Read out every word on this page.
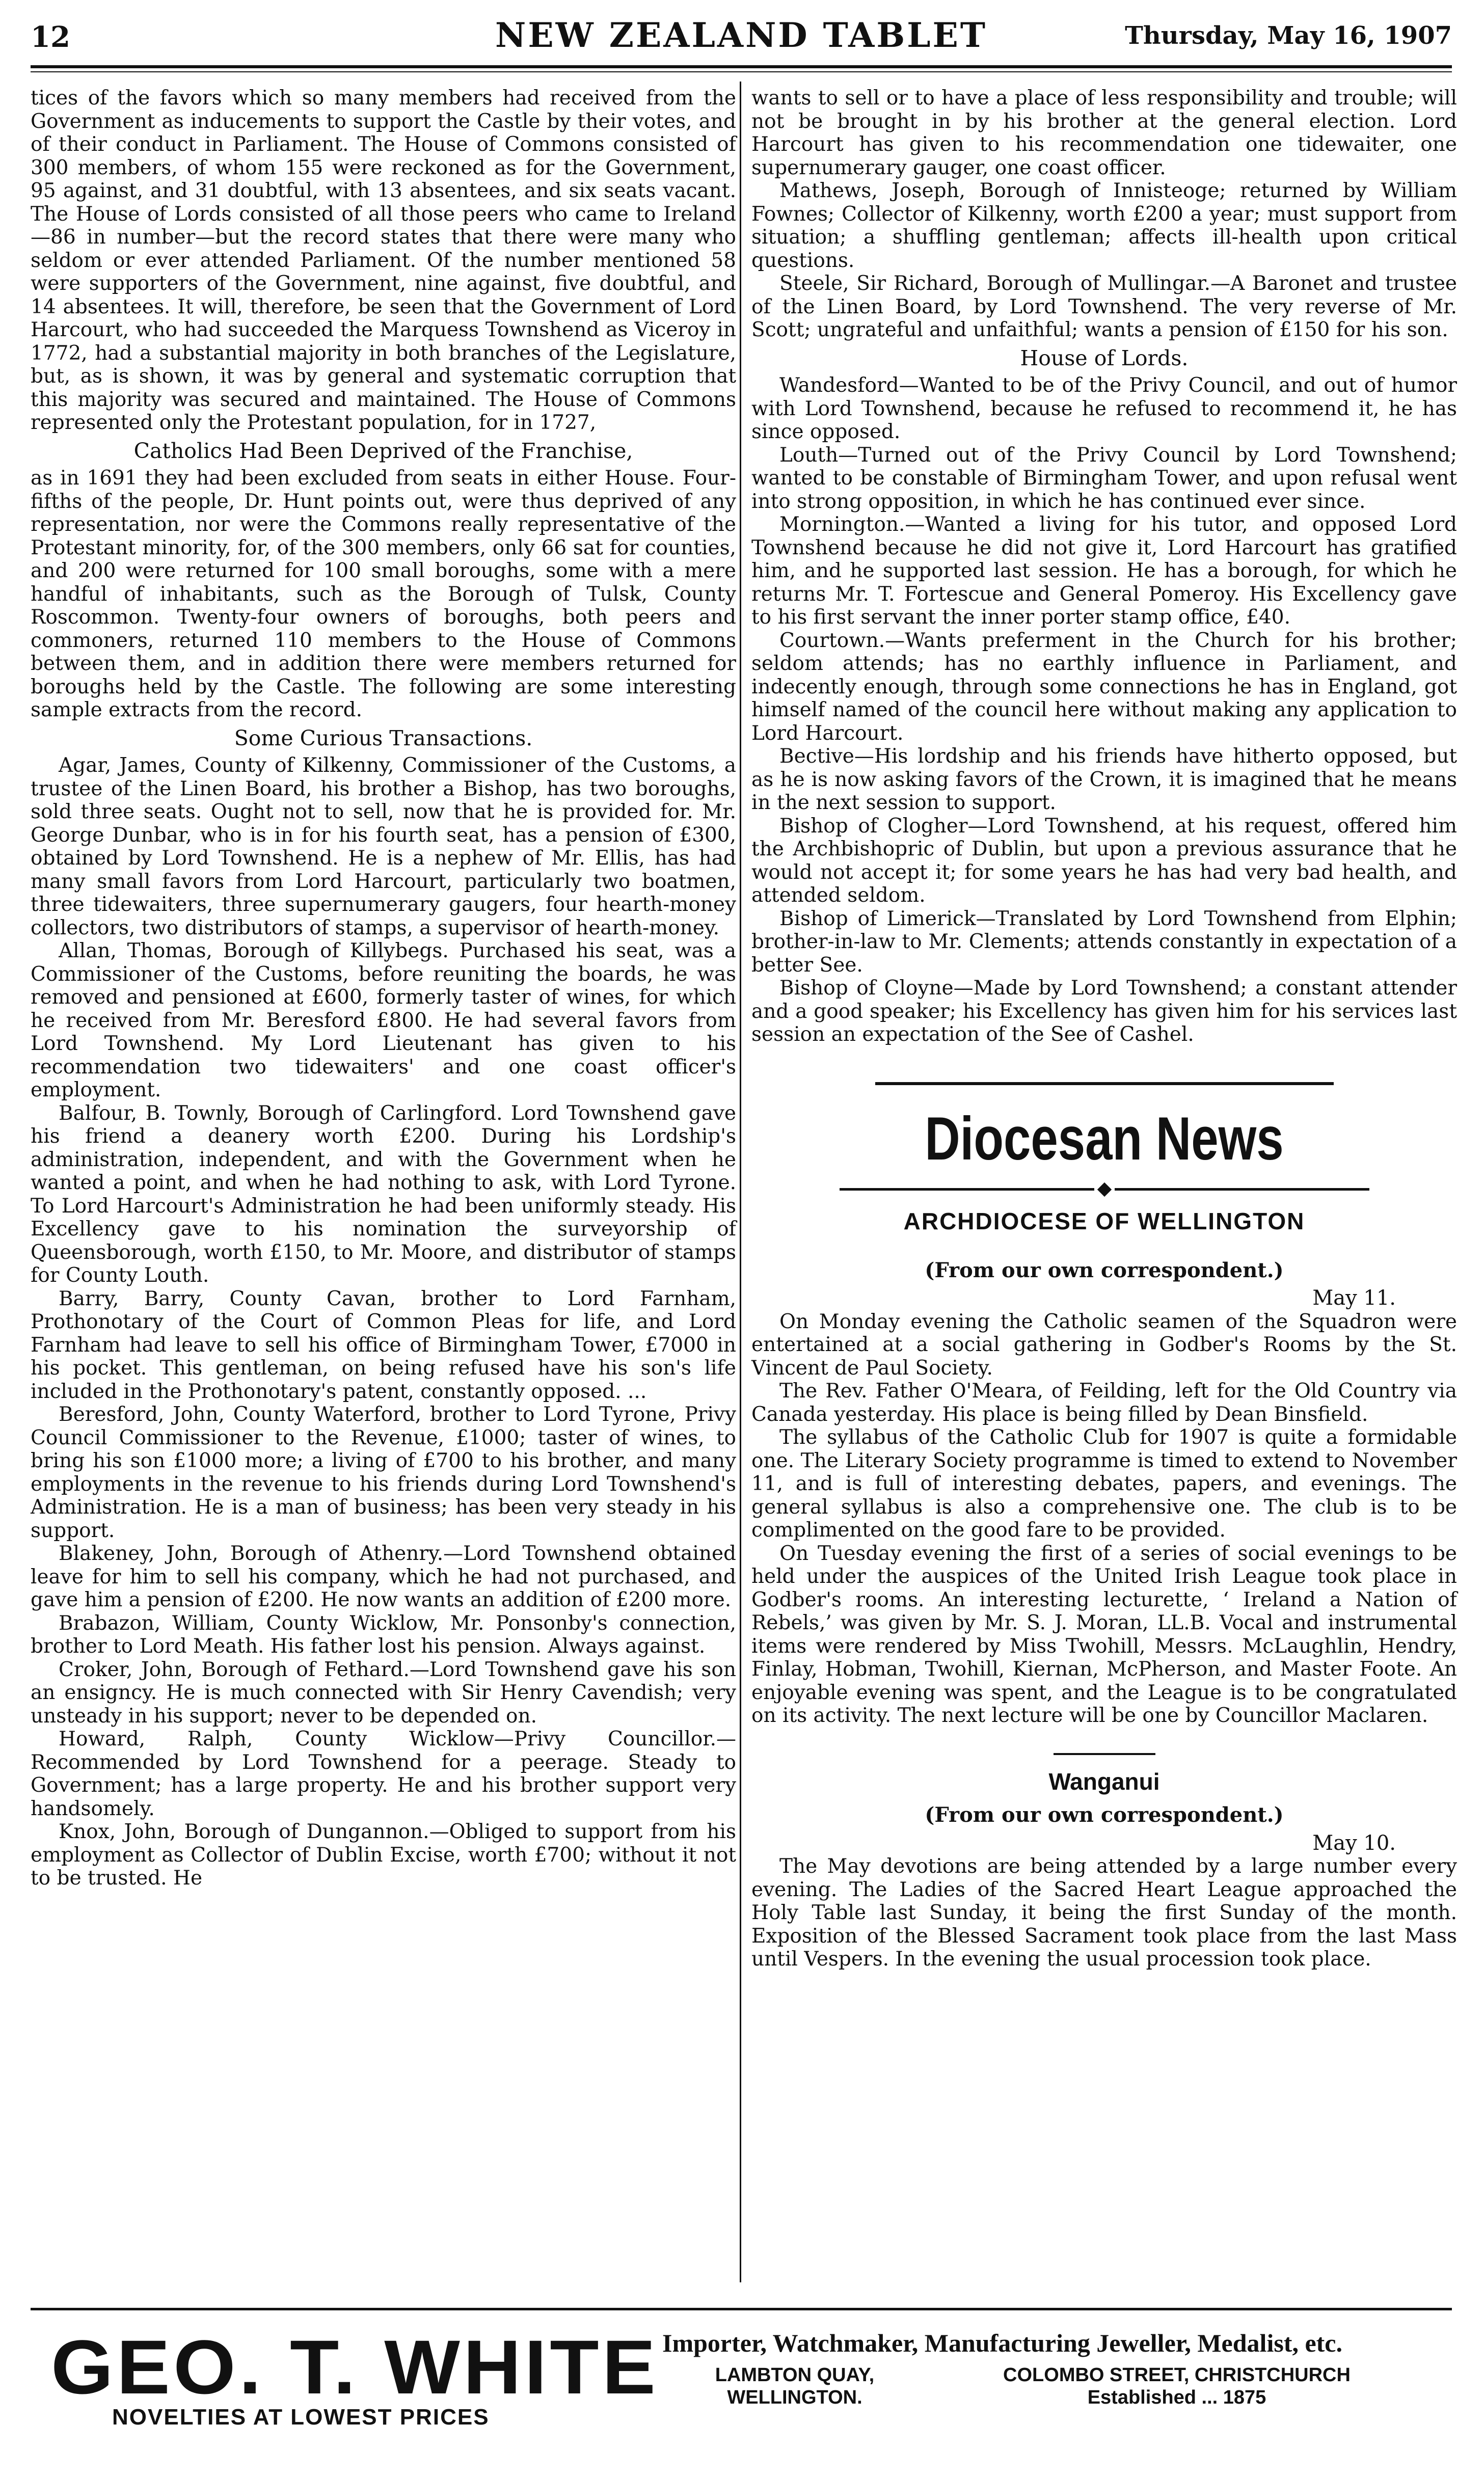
12	NEW ZEALAND TABLET	Thursday, May 16, 1907

tices of the favors which so many members had received from the Government as inducements to support the Castle by their votes, and of their conduct in Parliament. The House of Commons consisted of 300 members, of whom 155 were reckoned as for the Government, 95 against, and 31 doubtful, with 13 absentees, and six seats vacant. The House of Lords consisted of all those peers who came to Ireland—86 in number—but the record states that there were many who seldom or ever attended Parliament. Of the number mentioned 58 were supporters of the Government, nine against, five doubtful, and 14 absentees. It will, therefore, be seen that the Government of Lord Harcourt, who had succeeded the Marquess Townshend as Viceroy in 1772, had a substantial majority in both branches of the Legislature, but, as is shown, it was by general and systematic corruption that this majority was secured and maintained. The House of Commons represented only the Protestant population, for in 1727,

Catholics Had Been Deprived of the Franchise,

as in 1691 they had been excluded from seats in either House. Four-fifths of the people, Dr. Hunt points out, were thus deprived of any representation, nor were the Commons really representative of the Protestant minority, for, of the 300 members, only 66 sat for counties, and 200 were returned for 100 small boroughs, some with a mere handful of inhabitants, such as the Borough of Tulsk, County Roscommon. Twenty-four owners of boroughs, both peers and commoners, returned 110 members to the House of Commons between them, and in addition there were members returned for boroughs held by the Castle. The following are some interesting sample extracts from the record.

Some Curious Transactions.

Agar, James, County of Kilkenny, Commissioner of the Customs, a trustee of the Linen Board, his brother a Bishop, has two boroughs, sold three seats. Ought not to sell, now that he is provided for. Mr. George Dunbar, who is in for his fourth seat, has a pension of £300, obtained by Lord Townshend. He is a nephew of Mr. Ellis, has had many small favors from Lord Harcourt, particularly two boatmen, three tidewaiters, three supernumerary gaugers, four hearth-money collectors, two distributors of stamps, a supervisor of hearth-money.

Allan, Thomas, Borough of Killybegs. Purchased his seat, was a Commissioner of the Customs, before reuniting the boards, he was removed and pensioned at £600, formerly taster of wines, for which he received from Mr. Beresford £800. He had several favors from Lord Townshend. My Lord Lieutenant has given to his recommendation two tidewaiters' and one coast officer's employment.

Balfour, B. Townly, Borough of Carlingford. Lord Townshend gave his friend a deanery worth £200. During his Lordship's administration, independent, and with the Government when he wanted a point, and when he had nothing to ask, with Lord Tyrone. To Lord Harcourt's Administration he had been uniformly steady. His Excellency gave to his nomination the surveyorship of Queensborough, worth £150, to Mr. Moore, and distributor of stamps for County Louth.

Barry, Barry, County Cavan, brother to Lord Farnham, Prothonotary of the Court of Common Pleas for life, and Lord Farnham had leave to sell his office of Birmingham Tower, £7000 in his pocket. This gentleman, on being refused have his son's life included in the Prothonotary's patent, constantly opposed. ...

Beresford, John, County Waterford, brother to Lord Tyrone, Privy Council Commissioner to the Revenue, £1000; taster of wines, to bring his son £1000 more; a living of £700 to his brother, and many employments in the revenue to his friends during Lord Townshend's Administration. He is a man of business; has been very steady in his support.

Blakeney, John, Borough of Athenry.—Lord Townshend obtained leave for him to sell his company, which he had not purchased, and gave him a pension of £200. He now wants an addition of £200 more.

Brabazon, William, County Wicklow, Mr. Ponsonby's connection, brother to Lord Meath. His father lost his pension. Always against.

Croker, John, Borough of Fethard.—Lord Townshend gave his son an ensigncy. He is much connected with Sir Henry Cavendish; very unsteady in his support; never to be depended on.

Howard, Ralph, County Wicklow—Privy Councillor.—Recommended by Lord Townshend for a peerage. Steady to Government; has a large property. He and his brother support very handsomely.

Knox, John, Borough of Dungannon.—Obliged to support from his employment as Collector of Dublin Excise, worth £700; without it not to be trusted. He

wants to sell or to have a place of less responsibility and trouble; will not be brought in by his brother at the general election. Lord Harcourt has given to his recommendation one tidewaiter, one supernumerary gauger, one coast officer.

Mathews, Joseph, Borough of Innisteoge; returned by William Fownes; Collector of Kilkenny, worth £200 a year; must support from situation; a shuffling gentleman; affects ill-health upon critical questions.

Steele, Sir Richard, Borough of Mullingar.—A Baronet and trustee of the Linen Board, by Lord Townshend. The very reverse of Mr. Scott; ungrateful and unfaithful; wants a pension of £150 for his son.

House of Lords.

Wandesford—Wanted to be of the Privy Council, and out of humor with Lord Townshend, because he refused to recommend it, he has since opposed.

Louth—Turned out of the Privy Council by Lord Townshend; wanted to be constable of Birmingham Tower, and upon refusal went into strong opposition, in which he has continued ever since.

Mornington.—Wanted a living for his tutor, and opposed Lord Townshend because he did not give it, Lord Harcourt has gratified him, and he supported last session. He has a borough, for which he returns Mr. T. Fortescue and General Pomeroy. His Excellency gave to his first servant the inner porter stamp office, £40.

Courtown.—Wants preferment in the Church for his brother; seldom attends; has no earthly influence in Parliament, and indecently enough, through some connections he has in England, got himself named of the council here without making any application to Lord Harcourt.

Bective—His lordship and his friends have hitherto opposed, but as he is now asking favors of the Crown, it is imagined that he means in the next session to support.

Bishop of Clogher—Lord Townshend, at his request, offered him the Archbishopric of Dublin, but upon a previous assurance that he would not accept it; for some years he has had very bad health, and attended seldom.

Bishop of Limerick—Translated by Lord Townshend from Elphin; brother-in-law to Mr. Clements; attends constantly in expectation of a better See.

Bishop of Cloyne—Made by Lord Townshend; a constant attender and a good speaker; his Excellency has given him for his services last session an expectation of the See of Cashel.

Diocesan News
ARCHDIOCESE OF WELLINGTON
(From our own correspondent.)
May 11.

On Monday evening the Catholic seamen of the Squadron were entertained at a social gathering in Godber's Rooms by the St. Vincent de Paul Society.

The Rev. Father O'Meara, of Feilding, left for the Old Country via Canada yesterday. His place is being filled by Dean Binsfield.

The syllabus of the Catholic Club for 1907 is quite a formidable one. The Literary Society programme is timed to extend to November 11, and is full of interesting debates, papers, and evenings. The general syllabus is also a comprehensive one. The club is to be complimented on the good fare to be provided.

On Tuesday evening the first of a series of social evenings to be held under the auspices of the United Irish League took place in Godber's rooms. An interesting lecturette, ‘ Ireland a Nation of Rebels,’ was given by Mr. S. J. Moran, LL.B. Vocal and instrumental items were rendered by Miss Twohill, Messrs. McLaughlin, Hendry, Finlay, Hobman, Twohill, Kiernan, McPherson, and Master Foote. An enjoyable evening was spent, and the League is to be congratulated on its activity. The next lecture will be one by Councillor Maclaren.

Wanganui
(From our own correspondent.)
May 10.

The May devotions are being attended by a large number every evening. The Ladies of the Sacred Heart League approached the Holy Table last Sunday, it being the first Sunday of the month. Exposition of the Blessed Sacrament took place from the last Mass until Vespers. In the evening the usual procession took place.

GEO. T. WHITE
NOVELTIES AT LOWEST PRICES
Importer, Watchmaker, Manufacturing Jeweller, Medalist, etc.
LAMBTON QUAY,
WELLINGTON.
COLOMBO STREET, CHRISTCHURCH
Established ... 1875
